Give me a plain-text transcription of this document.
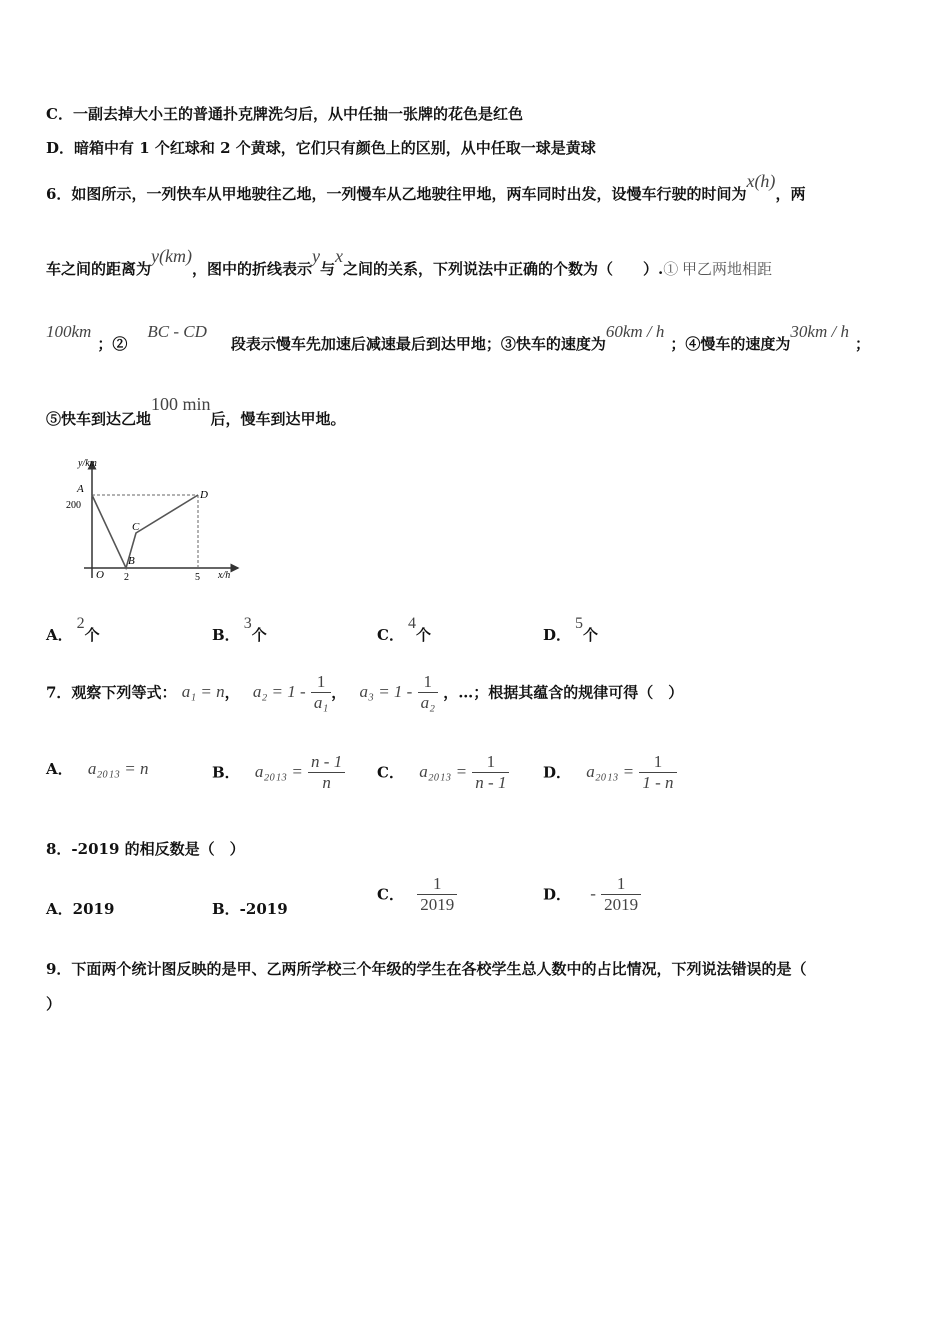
C．一副去掉大小王的普通扑克牌洗匀后，从中任抽一张牌的花色是红色
D．暗箱中有 1 个红球和 2 个黄球，它们只有颜色上的区别，从中任取一球是黄球
6．如图所示，一列快车从甲地驶往乙地，一列慢车从乙地驶往甲地，两车同时出发，设慢车行驶的时间为x(h)，两
车之间的距离为y(km)，图中的折线表示y与x之间的关系，下列说法中正确的个数为（　　）.① 甲乙两地相距
100km；②BC - CD段表示慢车先加速后减速最后到达甲地；③快车的速度为60km / h；④慢车的速度为30km / h；
⑤快车到达乙地100 min后，慢车到达甲地。
y/km
x/h
A
200
B
C
D
O 2	5
A．2个	B．3个	C．4个	D．5个
7．观察下列等式： a₁ = n， $a_2 = 1 - \frac{1}{\text{a₁}}$ ， $a_3 = 1 - \frac{1}{\text{a₂}}$ ，…；根据其蕴含的规律可得（　）
A． a₂₀₁₃ = n	B． $a_{2013} = \frac{n - 1}{n}$ C． $a_{2013} = \frac{1}{n - 1}$ D． $a_{2013} = \frac{1}{1 - n}$
8．-2019 的相反数是（　）
A．2019	B．-2019
C． $\frac{1}{2019}$	D． - $\frac{1}{2019}$
9．下面两个统计图反映的是甲、乙两所学校三个年级的学生在各校学生总人数中的占比情况，下列说法错误的是（
）
